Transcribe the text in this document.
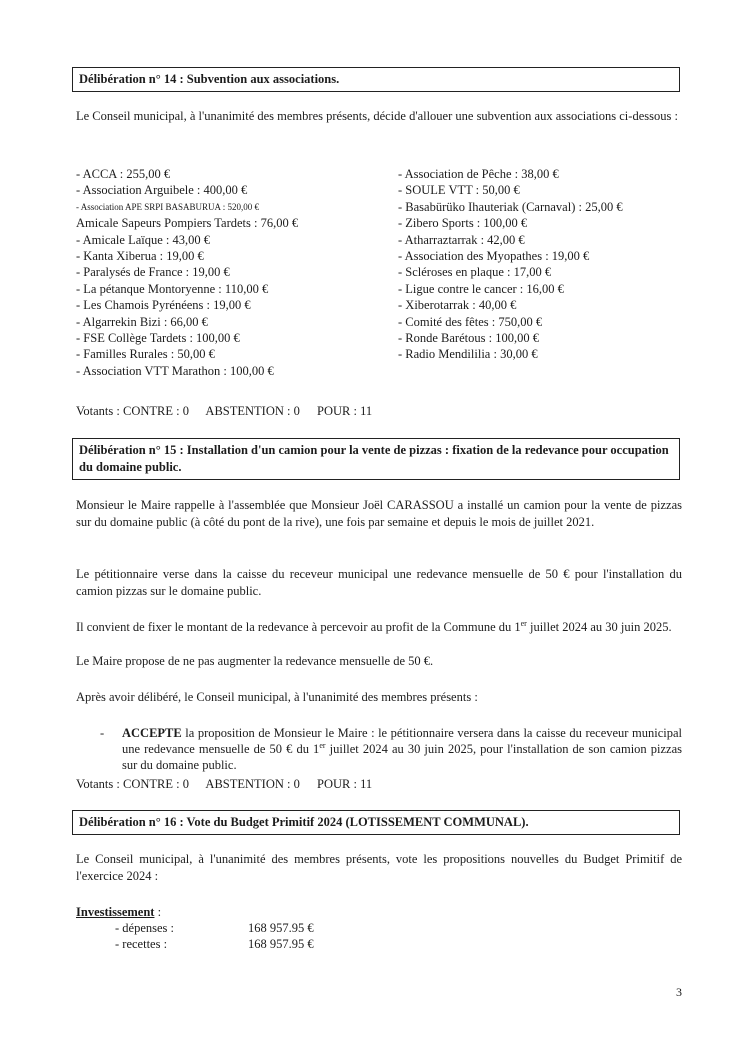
Délibération n° 14 : Subvention aux associations.
Le Conseil municipal, à l'unanimité des membres présents, décide d'allouer une subvention aux associations ci-dessous :
- ACCA : 255,00 €
- Association Arguibele : 400,00 €
- Association APE SRPI BASABURUA : 520,00 €
Amicale Sapeurs Pompiers Tardets : 76,00 €
- Amicale Laïque : 43,00 €
- Kanta Xiberua : 19,00 €
- Paralysés de France : 19,00 €
- La pétanque Montoryenne : 110,00 €
- Les Chamois Pyrénéens : 19,00 €
- Algarrekin Bizi : 66,00 €
- FSE Collège Tardets : 100,00 €
- Familles Rurales : 50,00 €
- Association VTT Marathon : 100,00 €
- Association de Pêche : 38,00 €
- SOULE VTT : 50,00 €
- Basabürüko Ihauteriak (Carnaval) : 25,00 €
- Zibero Sports : 100,00 €
- Atharraztarrak : 42,00 €
- Association des Myopathes : 19,00 €
- Scléroses en plaque : 17,00 €
- Ligue contre le cancer : 16,00 €
- Xiberotarrak : 40,00 €
- Comité des fêtes : 750,00 €
- Ronde Barétous : 100,00 €
- Radio Mendililia : 30,00 €
Votants : CONTRE : 0 ABSTENTION : 0 POUR : 11
Délibération n° 15 : Installation d'un camion pour la vente de pizzas : fixation de la redevance pour occupation du domaine public.
Monsieur le Maire rappelle à l'assemblée que Monsieur Joël CARASSOU a installé un camion pour la vente de pizzas sur du domaine public (à côté du pont de la rive), une fois par semaine et depuis le mois de juillet 2021.
Le pétitionnaire verse dans la caisse du receveur municipal une redevance mensuelle de 50 € pour l'installation du camion pizzas sur le domaine public.
Il convient de fixer le montant de la redevance à percevoir au profit de la Commune du 1er juillet 2024 au 30 juin 2025.
Le Maire propose de ne pas augmenter la redevance mensuelle de 50 €.
Après avoir délibéré, le Conseil municipal, à l'unanimité des membres présents :
- ACCEPTE la proposition de Monsieur le Maire : le pétitionnaire versera dans la caisse du receveur municipal une redevance mensuelle de 50 € du 1er juillet 2024 au 30 juin 2025, pour l'installation de son camion pizzas sur du domaine public.
Votants : CONTRE : 0 ABSTENTION : 0 POUR : 11
Délibération n° 16 : Vote du Budget Primitif 2024 (LOTISSEMENT COMMUNAL).
Le Conseil municipal, à l'unanimité des membres présents, vote les propositions nouvelles du Budget Primitif de l'exercice 2024 :
Investissement :
- dépenses :	168 957.95 €
- recettes :	168 957.95 €
3
